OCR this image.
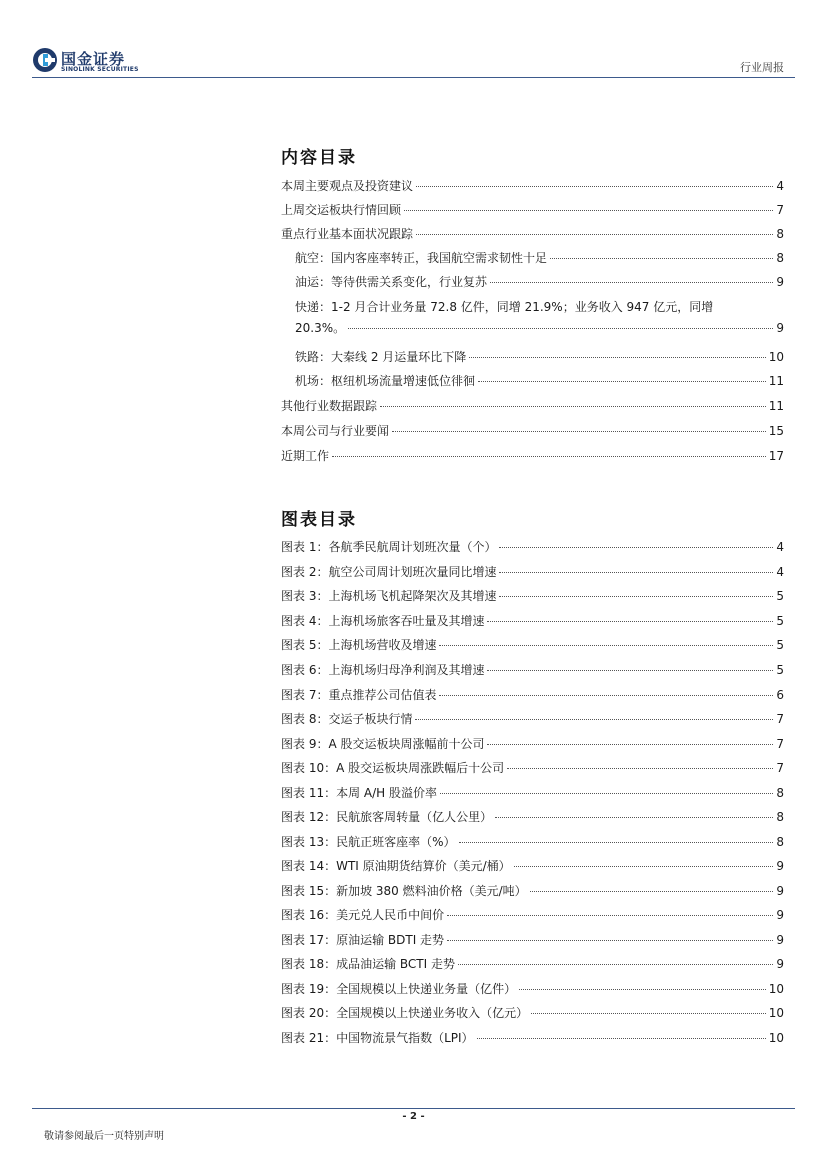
国金证券
SINOLINK SECURITIES	行业周报
内容目录
本周主要观点及投资建议	4
上周交运板块行情回顾	7
重点行业基本面状况跟踪	8
航空：国内客座率转正，我国航空需求韧性十足	8
油运：等待供需关系变化，行业复苏	9
快递：1-2 月合计业务量 72.8 亿件，同增 21.9%；业务收入 947 亿元，同增
20.3%。	9
铁路：大秦线 2 月运量环比下降	10
机场：枢纽机场流量增速低位徘徊	11
其他行业数据跟踪	11
本周公司与行业要闻	15
近期工作	17
图表目录
图表 1：各航季民航周计划班次量（个）	4
图表 2：航空公司周计划班次量同比增速	4
图表 3：上海机场飞机起降架次及其增速	5
图表 4：上海机场旅客吞吐量及其增速	5
图表 5：上海机场营收及增速	5
图表 6：上海机场归母净利润及其增速	5
图表 7：重点推荐公司估值表	6
图表 8：交运子板块行情	7
图表 9：A 股交运板块周涨幅前十公司	7
图表 10：A 股交运板块周涨跌幅后十公司	7
图表 11：本周 A/H 股溢价率	8
图表 12：民航旅客周转量（亿人公里）	8
图表 13：民航正班客座率（%）	8
图表 14：WTI 原油期货结算价（美元/桶）	9
图表 15：新加坡 380 燃料油价格（美元/吨）	9
图表 16：美元兑人民币中间价	9
图表 17：原油运输 BDTI 走势	9
图表 18：成品油运输 BCTI 走势	9
图表 19：全国规模以上快递业务量（亿件）	10
图表 20：全国规模以上快递业务收入（亿元）	10
图表 21：中国物流景气指数（LPI）	10
- 2 -
敬请参阅最后一页特别声明
